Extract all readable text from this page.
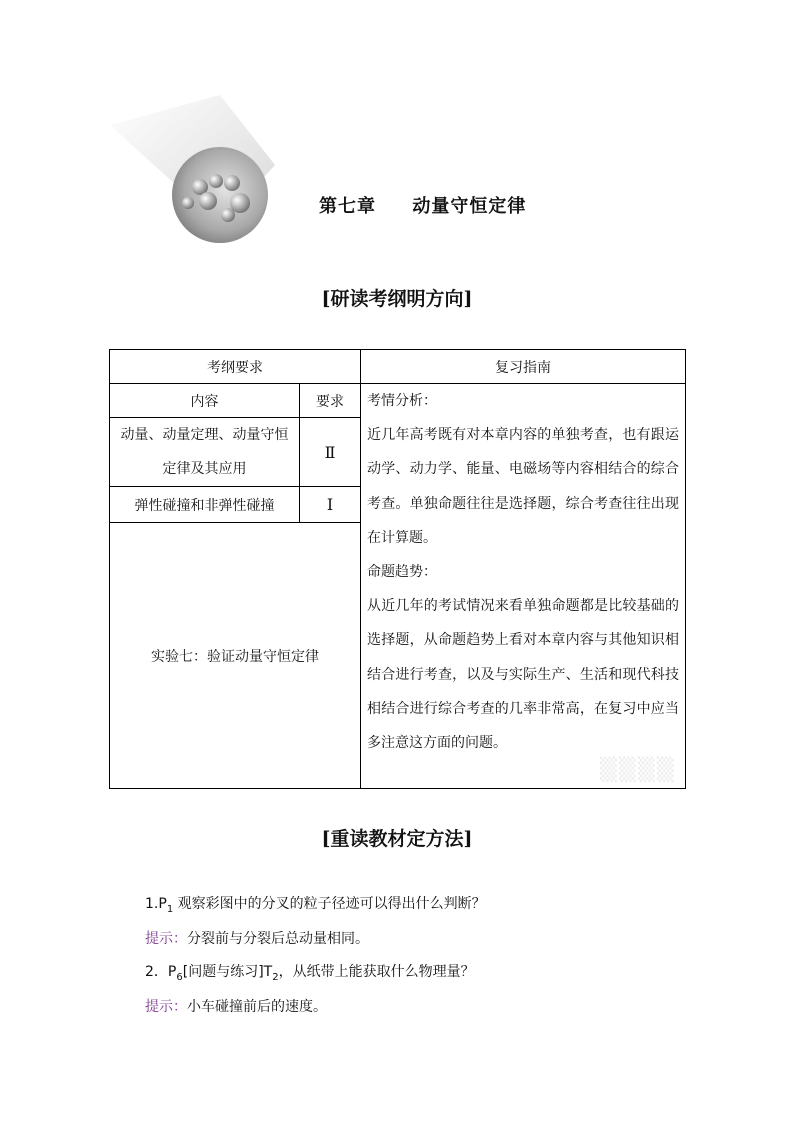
第七章     动量守恒定律
[研读考纲明方向]
考纲要求		复习指南
内容	要求	考情分析：

近几年高考既有对本章内容的单独考查，也有跟运动学、动力学、能量、电磁场等内容相结合的综合考查。单独命题往往是选择题，综合考查往往出现在计算题。

命题趋势：

从近几年的考试情况来看单独命题都是比较基础的选择题，从命题趋势上看对本章内容与其他知识相结合进行考查，以及与实际生产、生活和现代科技相结合进行综合考查的几率非常高，在复习中应当多注意这方面的问题。

动量、动量定理、动量守恒定律及其应用	Ⅱ	
弹性碰撞和非弹性碰撞	Ⅰ	
实验七：验证动量守恒定律		
▒▒▒▒
[重读教材定方法]
$1.P_1$ 观察彩图中的分叉的粒子径迹可以得出什么判断？
提示：分裂前与分裂后总动量相同。
2．$P_6$[问题与练习]$T_2$，从纸带上能获取什么物理量？
提示：小车碰撞前后的速度。
